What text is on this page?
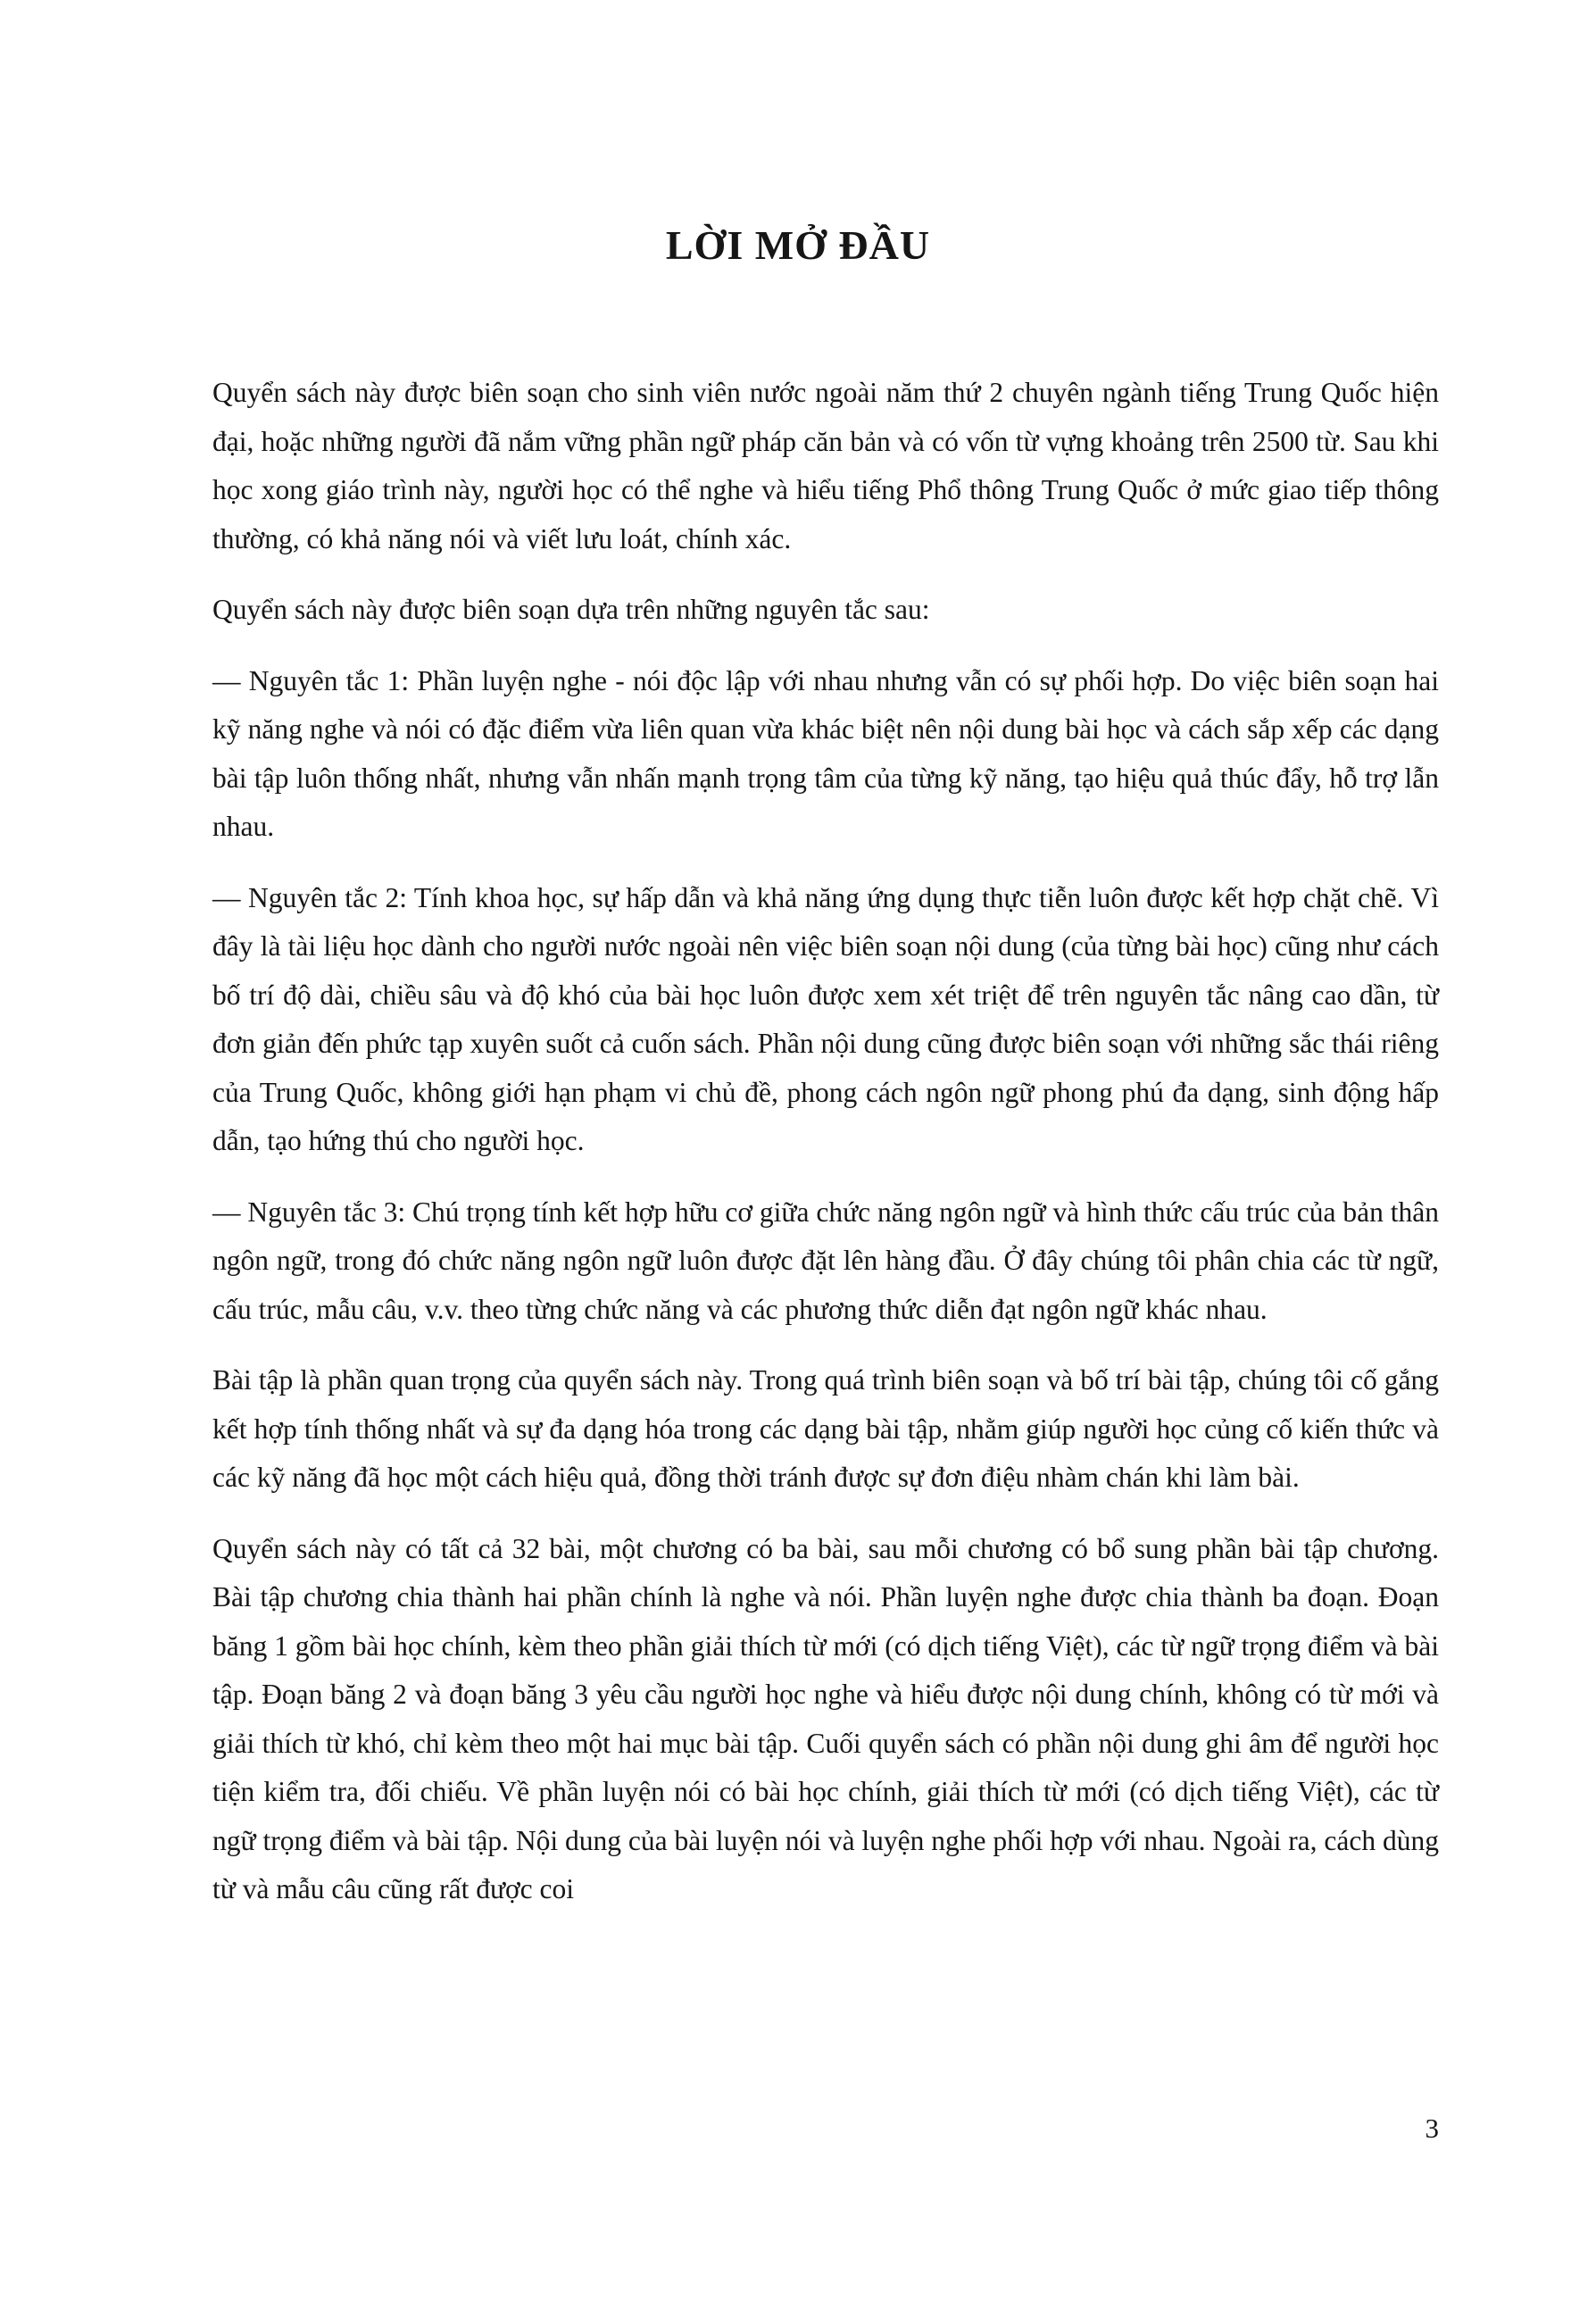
LỜI MỞ ĐẦU

Quyển sách này được biên soạn cho sinh viên nước ngoài năm thứ 2 chuyên ngành tiếng Trung Quốc hiện đại, hoặc những người đã nắm vững phần ngữ pháp căn bản và có vốn từ vựng khoảng trên 2500 từ. Sau khi học xong giáo trình này, người học có thể nghe và hiểu tiếng Phổ thông Trung Quốc ở mức giao tiếp thông thường, có khả năng nói và viết lưu loát, chính xác.

Quyển sách này được biên soạn dựa trên những nguyên tắc sau:

— Nguyên tắc 1: Phần luyện nghe - nói độc lập với nhau nhưng vẫn có sự phối hợp. Do việc biên soạn hai kỹ năng nghe và nói có đặc điểm vừa liên quan vừa khác biệt nên nội dung bài học và cách sắp xếp các dạng bài tập luôn thống nhất, nhưng vẫn nhấn mạnh trọng tâm của từng kỹ năng, tạo hiệu quả thúc đẩy, hỗ trợ lẫn nhau.

— Nguyên tắc 2: Tính khoa học, sự hấp dẫn và khả năng ứng dụng thực tiễn luôn được kết hợp chặt chẽ. Vì đây là tài liệu học dành cho người nước ngoài nên việc biên soạn nội dung (của từng bài học) cũng như cách bố trí độ dài, chiều sâu và độ khó của bài học luôn được xem xét triệt để trên nguyên tắc nâng cao dần, từ đơn giản đến phức tạp xuyên suốt cả cuốn sách. Phần nội dung cũng được biên soạn với những sắc thái riêng của Trung Quốc, không giới hạn phạm vi chủ đề, phong cách ngôn ngữ phong phú đa dạng, sinh động hấp dẫn, tạo hứng thú cho người học.

— Nguyên tắc 3: Chú trọng tính kết hợp hữu cơ giữa chức năng ngôn ngữ và hình thức cấu trúc của bản thân ngôn ngữ, trong đó chức năng ngôn ngữ luôn được đặt lên hàng đầu. Ở đây chúng tôi phân chia các từ ngữ, cấu trúc, mẫu câu, v.v. theo từng chức năng và các phương thức diễn đạt ngôn ngữ khác nhau.

Bài tập là phần quan trọng của quyển sách này. Trong quá trình biên soạn và bố trí bài tập, chúng tôi cố gắng kết hợp tính thống nhất và sự đa dạng hóa trong các dạng bài tập, nhằm giúp người học củng cố kiến thức và các kỹ năng đã học một cách hiệu quả, đồng thời tránh được sự đơn điệu nhàm chán khi làm bài.

Quyển sách này có tất cả 32 bài, một chương có ba bài, sau mỗi chương có bổ sung phần bài tập chương. Bài tập chương chia thành hai phần chính là nghe và nói. Phần luyện nghe được chia thành ba đoạn. Đoạn băng 1 gồm bài học chính, kèm theo phần giải thích từ mới (có dịch tiếng Việt), các từ ngữ trọng điểm và bài tập. Đoạn băng 2 và đoạn băng 3 yêu cầu người học nghe và hiểu được nội dung chính, không có từ mới và giải thích từ khó, chỉ kèm theo một hai mục bài tập. Cuối quyển sách có phần nội dung ghi âm để người học tiện kiểm tra, đối chiếu. Về phần luyện nói có bài học chính, giải thích từ mới (có dịch tiếng Việt), các từ ngữ trọng điểm và bài tập. Nội dung của bài luyện nói và luyện nghe phối hợp với nhau. Ngoài ra, cách dùng từ và mẫu câu cũng rất được coi

3
